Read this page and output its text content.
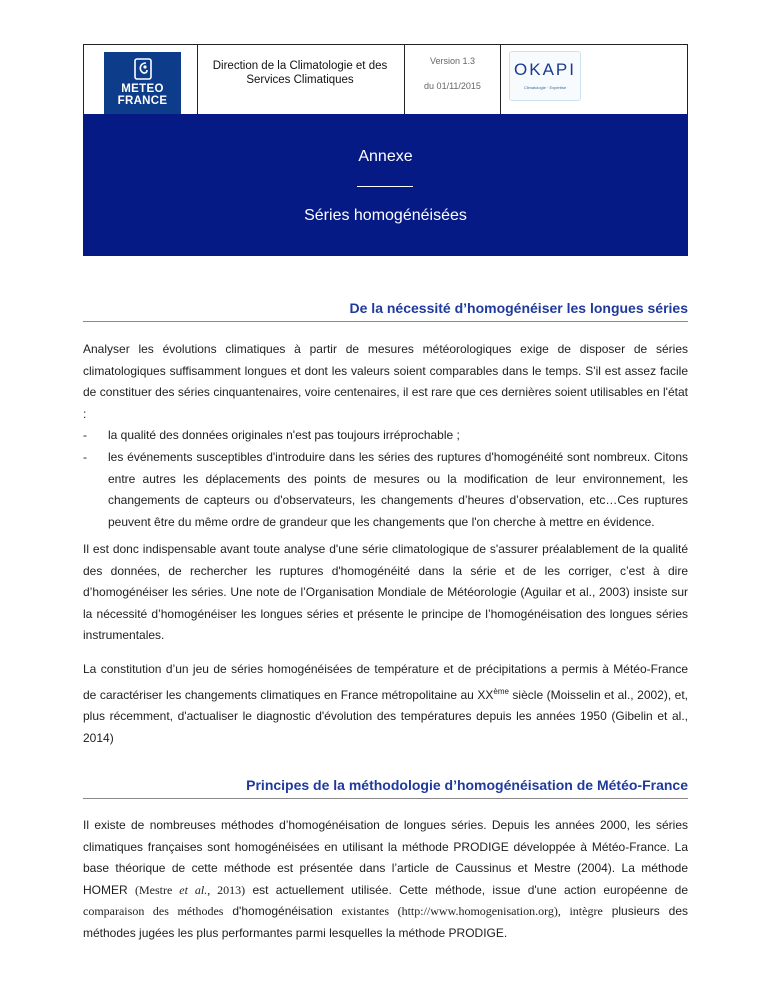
METEO
FRANCE
Direction de la Climatologie et des Services Climatiques
Version 1.3
du 01/11/2015
OKAPI
Climatologie · Expertise
Annexe
Séries homogénéisées
De la nécessité d’homogénéiser les longues séries
Analyser les évolutions climatiques à partir de mesures météorologiques exige de disposer de séries climatologiques suffisamment longues et dont les valeurs soient comparables dans le temps. S'il est assez facile de constituer des séries cinquantenaires, voire centenaires, il est rare que ces dernières soient utilisables en l'état :
- la qualité des données originales n'est pas toujours irréprochable ;
- les événements susceptibles d'introduire dans les séries des ruptures d'homogénéité sont nombreux. Citons entre autres les déplacements des points de mesures ou la modification de leur environnement, les changements de capteurs ou d'observateurs, les changements d’heures d’observation, etc…Ces ruptures peuvent être du même ordre de grandeur que les changements que l'on cherche à mettre en évidence.
Il est donc indispensable avant toute analyse d'une série climatologique de s'assurer préalablement de la qualité des données, de rechercher les ruptures d'homogénéité dans la série et de les corriger, c’est à dire d’homogénéiser les séries. Une note de l’Organisation Mondiale de Météorologie (Aguilar et al., 2003) insiste sur la nécessité d’homogénéiser les longues séries et présente le principe de l’homogénéisation des longues séries instrumentales.
La constitution d’un jeu de séries homogénéisées de température et de précipitations a permis à Météo-France de caractériser les changements climatiques en France métropolitaine au XXème siècle (Moisselin et al., 2002), et, plus récemment, d'actualiser le diagnostic d'évolution des températures depuis les années 1950 (Gibelin et al., 2014)
Principes de la méthodologie d’homogénéisation de Météo-France
Il existe de nombreuses méthodes d’homogénéisation de longues séries. Depuis les années 2000, les séries climatiques françaises sont homogénéisées en utilisant la méthode PRODIGE développée à Météo-France. La base théorique de cette méthode est présentée dans l’article de Caussinus et Mestre (2004). La méthode HOMER (Mestre et al., 2013) est actuellement utilisée. Cette méthode, issue d'une action européenne de comparaison des méthodes d'homogénéisation existantes (http://www.homogenisation.org), intègre plusieurs des méthodes jugées les plus performantes parmi lesquelles la méthode PRODIGE.
